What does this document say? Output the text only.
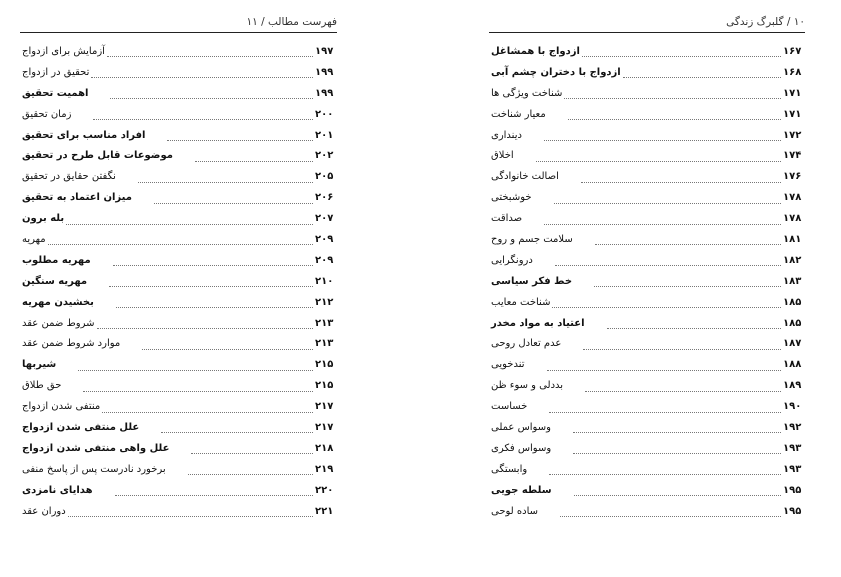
فهرست مطالب / ۱۱
آزمایش برای ازدواج	۱۹۷
تحقیق در ازدواج	۱۹۹
اهمیت تحقیق	۱۹۹
زمان تحقیق	۲۰۰
افراد مناسب برای تحقیق	۲۰۱
موضوعات قابل طرح در تحقیق	۲۰۲
نگفتن حقایق در تحقیق	۲۰۵
میزان اعتماد به تحقیق	۲۰۶
بله برون	۲۰۷
مهریه	۲۰۹
مهریه مطلوب	۲۰۹
مهریه سنگین	۲۱۰
بخشیدن مهریه	۲۱۲
شروط ضمن عقد	۲۱۳
موارد شروط ضمن عقد	۲۱۳
شیربها	۲۱۵
حق طلاق	۲۱۵
منتفی شدن ازدواج	۲۱۷
علل منتفی شدن ازدواج	۲۱۷
علل واهی منتفی شدن ازدواج	۲۱۸
برخورد نادرست پس از پاسخ منفی	۲۱۹
هدایای نامزدی	۲۲۰
دوران عقد	۲۲۱
۱۰ / گلبرگ زندگی
ازدواج با همشاغل	۱۶۷
ازدواج با دختران چشم آبی	۱۶۸
شناخت ویژگی ها	۱۷۱
معیار شناخت	۱۷۱
دینداری	۱۷۲
اخلاق	۱۷۴
اصالت خانوادگی	۱۷۶
خوشبختی	۱۷۸
صداقت	۱۷۸
سلامت جسم و روح	۱۸۱
درونگرایی	۱۸۲
خط فکر سیاسی	۱۸۳
شناخت معایب	۱۸۵
اعتیاد به مواد مخدر	۱۸۵
عدم تعادل روحی	۱۸۷
تندخویی	۱۸۸
بددلی و سوء ظن	۱۸۹
خساست	۱۹۰
وسواس عملی	۱۹۲
وسواس فکری	۱۹۳
وابستگی	۱۹۳
سلطه جویی	۱۹۵
ساده لوحی	۱۹۵
